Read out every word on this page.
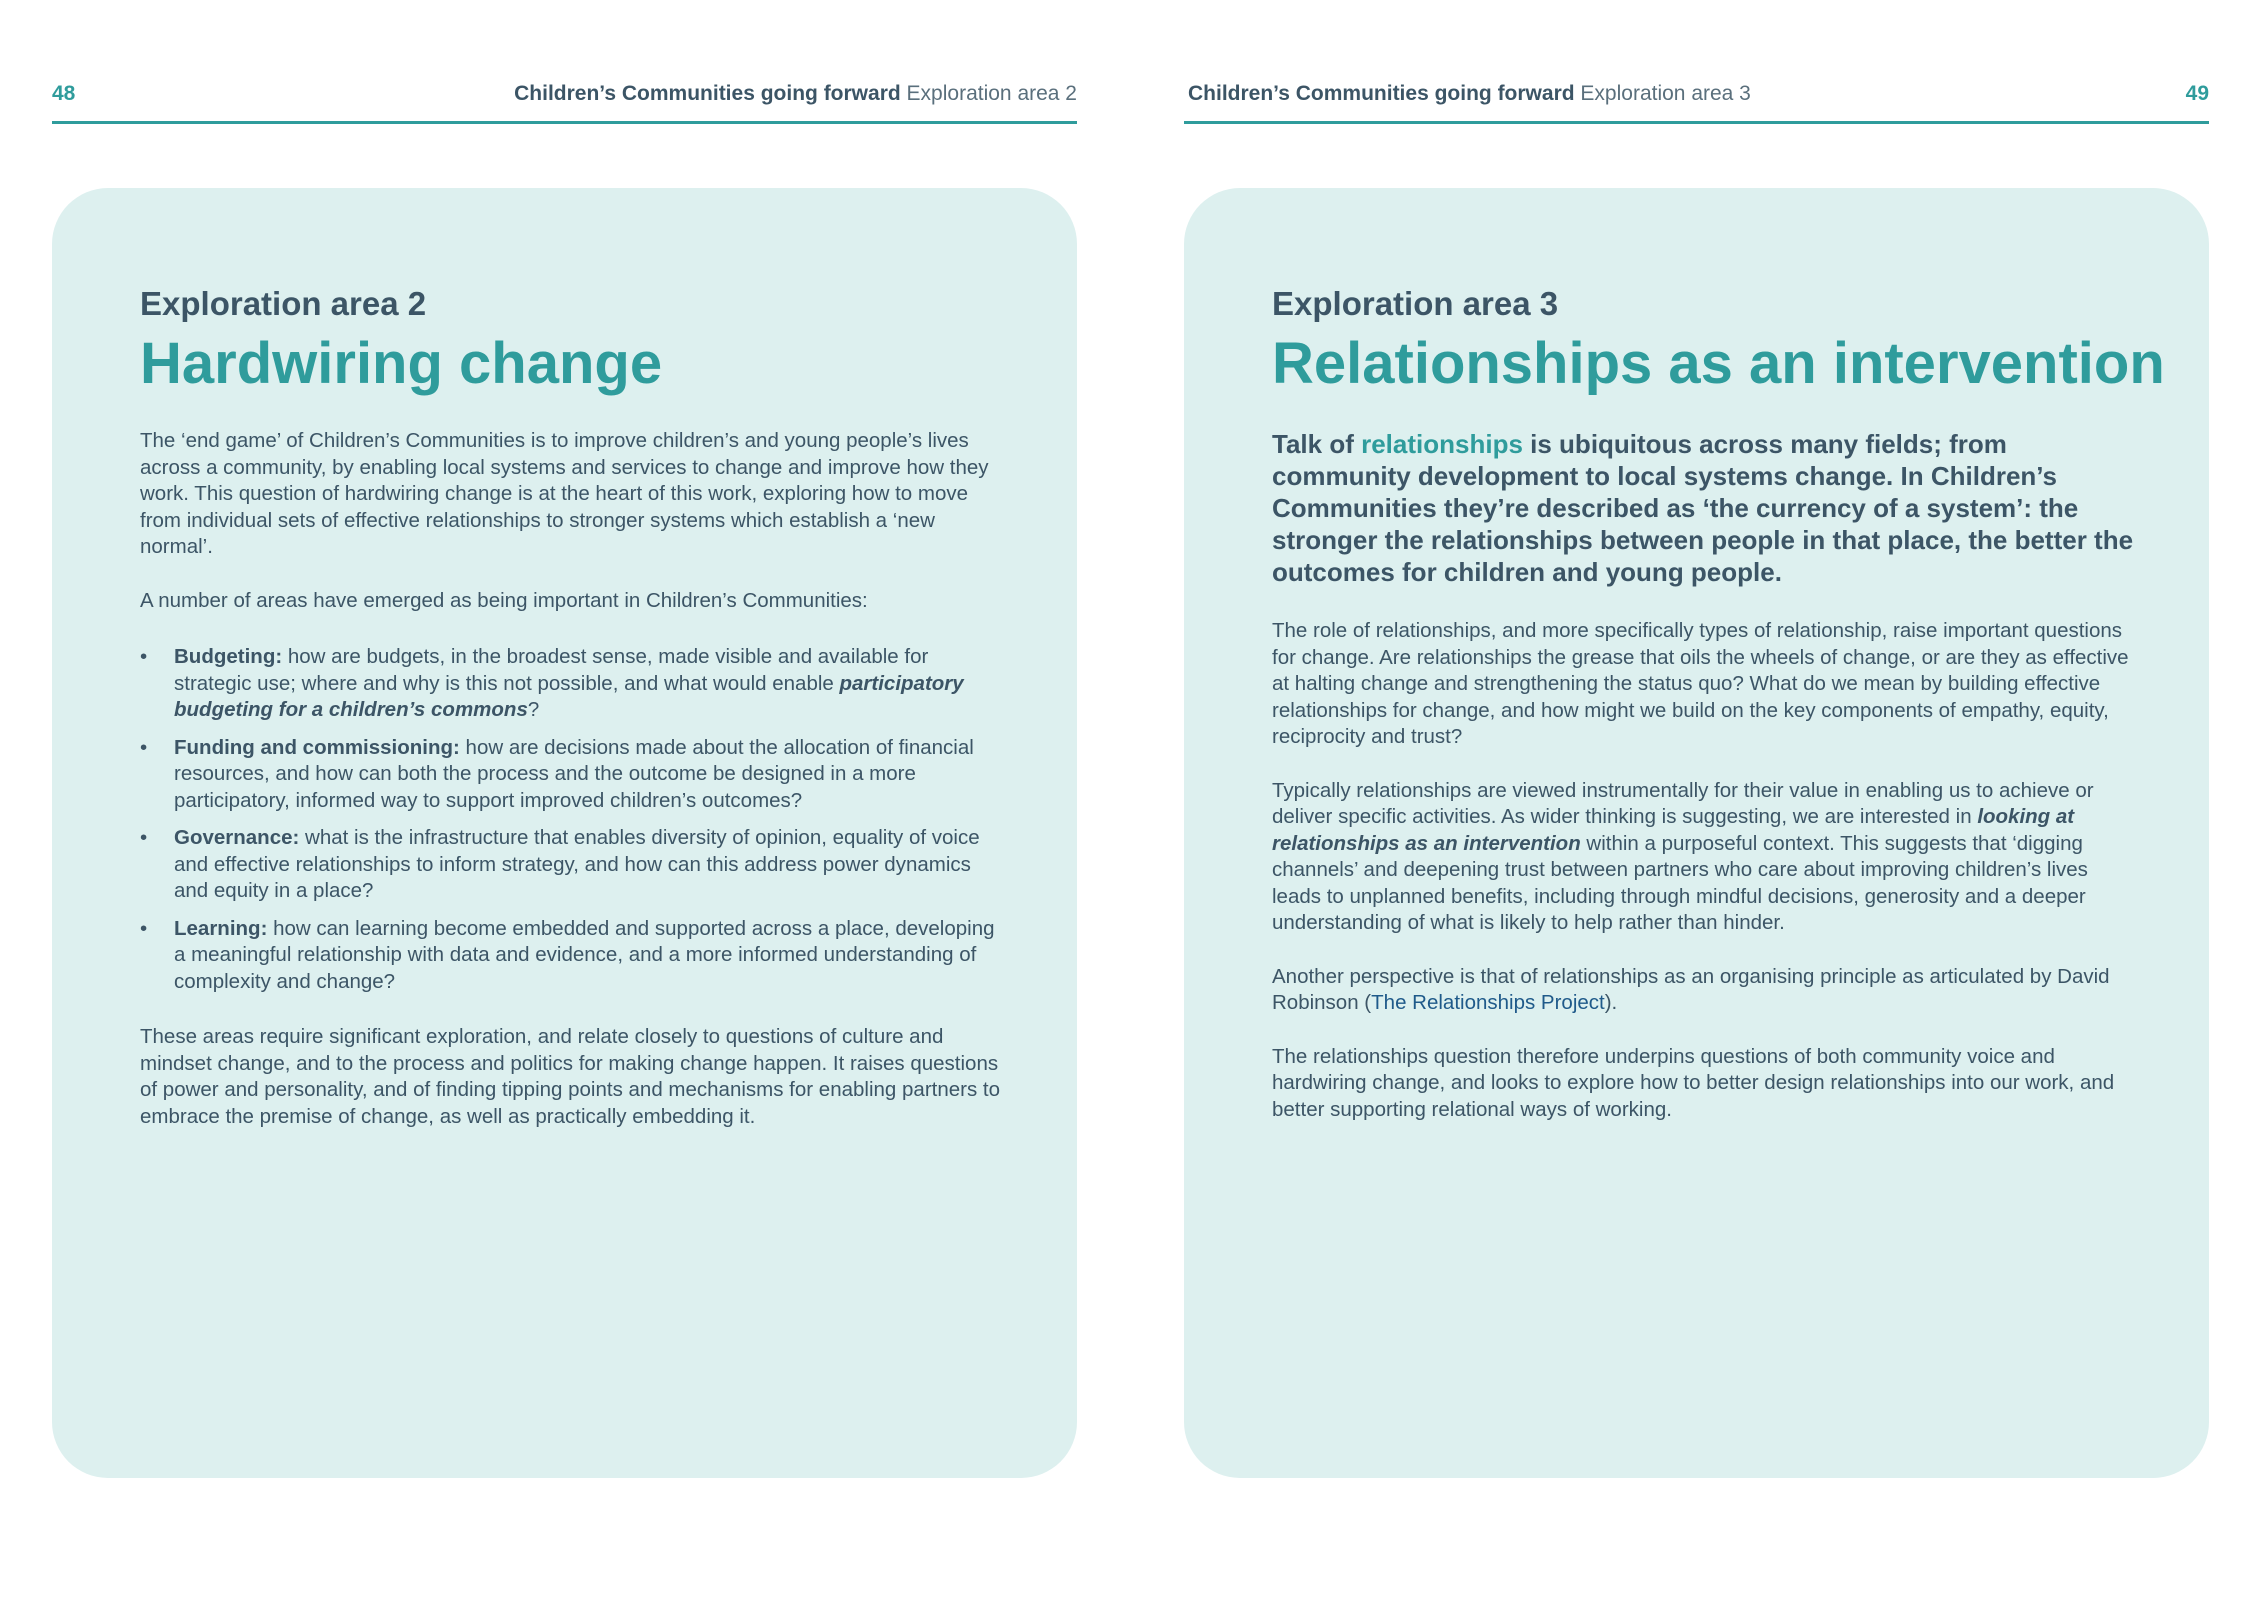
48	Children’s Communities going forward Exploration area 2
Exploration area 2
Hardwiring change

The ‘end game’ of Children’s Communities is to improve children’s and young people’s lives across a community, by enabling local systems and services to change and improve how they work. This question of hardwiring change is at the heart of this work, exploring how to move from individual sets of effective relationships to stronger systems which establish a ‘new normal’.

A number of areas have emerged as being important in Children’s Communities:

• Budgeting: how are budgets, in the broadest sense, made visible and available for strategic use; where and why is this not possible, and what would enable participatory budgeting for a children’s commons?
• Funding and commissioning: how are decisions made about the allocation of financial resources, and how can both the process and the outcome be designed in a more participatory, informed way to support improved children’s outcomes?
• Governance: what is the infrastructure that enables diversity of opinion, equality of voice and effective relationships to inform strategy, and how can this address power dynamics and equity in a place?
• Learning: how can learning become embedded and supported across a place, developing a meaningful relationship with data and evidence, and a more informed understanding of complexity and change?

These areas require significant exploration, and relate closely to questions of culture and mindset change, and to the process and politics for making change happen. It raises questions of power and personality, and of finding tipping points and mechanisms for enabling partners to embrace the premise of change, as well as practically embedding it.

Children’s Communities going forward Exploration area 3	49
Exploration area 3
Relationships as an intervention

Talk of relationships is ubiquitous across many fields; from community development to local systems change. In Children’s Communities they’re described as ‘the currency of a system’: the stronger the relationships between people in that place, the better the outcomes for children and young people.

The role of relationships, and more specifically types of relationship, raise important questions for change. Are relationships the grease that oils the wheels of change, or are they as effective at halting change and strengthening the status quo? What do we mean by building effective relationships for change, and how might we build on the key components of empathy, equity, reciprocity and trust?

Typically relationships are viewed instrumentally for their value in enabling us to achieve or deliver specific activities. As wider thinking is suggesting, we are interested in looking at relationships as an intervention within a purposeful context. This suggests that ‘digging channels’ and deepening trust between partners who care about improving children’s lives leads to unplanned benefits, including through mindful decisions, generosity and a deeper understanding of what is likely to help rather than hinder.

Another perspective is that of relationships as an organising principle as articulated by David Robinson (The Relationships Project).

The relationships question therefore underpins questions of both community voice and hardwiring change, and looks to explore how to better design relationships into our work, and better supporting relational ways of working.
